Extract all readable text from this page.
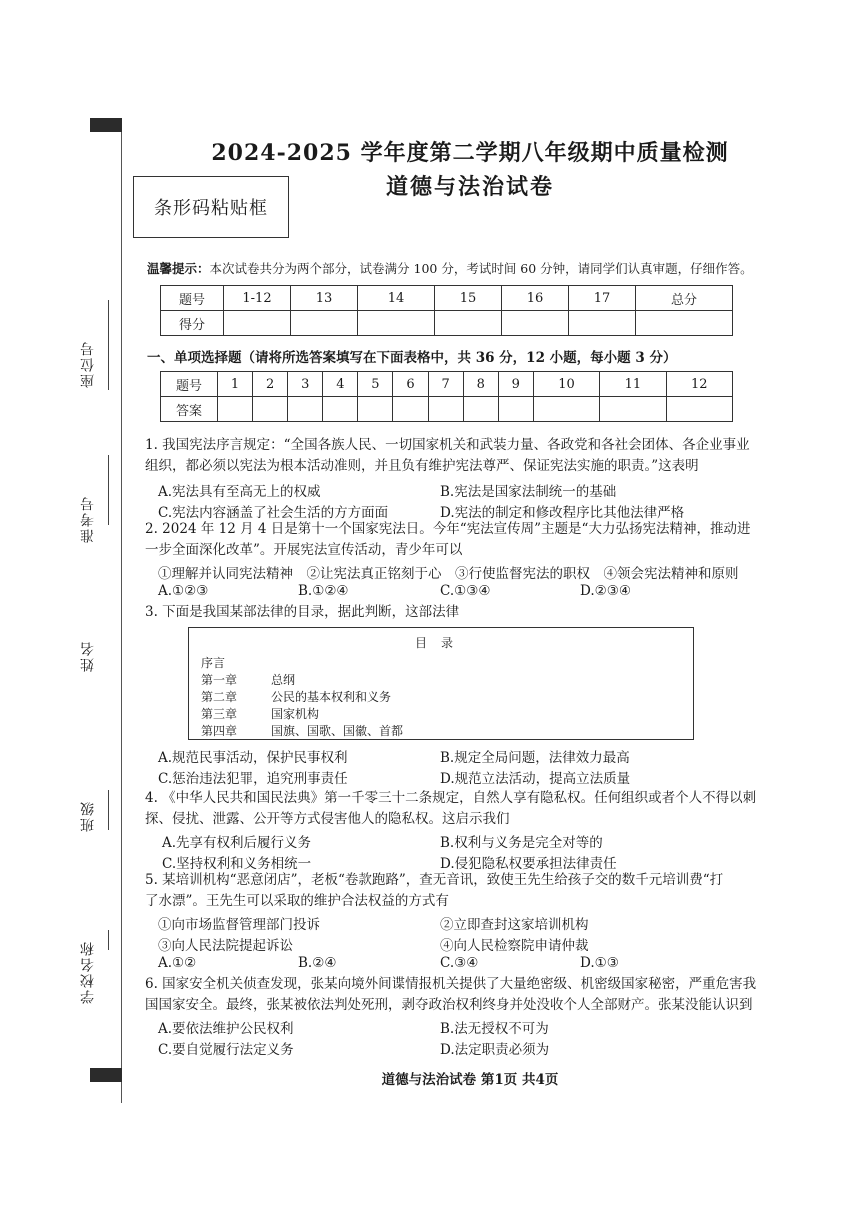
座位号
准考号
姓名
班级
学校名称
2024-2025 学年度第二学期八年级期中质量检测
道德与法治试卷
条形码粘贴框
温馨提示：本次试卷共分为两个部分，试卷满分 100 分，考试时间 60 分钟，请同学们认真审题，仔细作答。
题号	1-12	13	14	15	16	17	总分
得分							
一、单项选择题（请将所选答案填写在下面表格中，共 36 分，12 小题，每小题 3 分）
题号	1	2	3	4	5	6	7	8	9	10	11	12
答案												
1. 我国宪法序言规定：“全国各族人民、一切国家机关和武装力量、各政党和各社会团体、各企业事业
组织，都必须以宪法为根本活动准则，并且负有维护宪法尊严、保证宪法实施的职责。”这表明
A.宪法具有至高无上的权威	B.宪法是国家法制统一的基础
C.宪法内容涵盖了社会生活的方方面面	D.宪法的制定和修改程序比其他法律严格
2. 2024 年 12 月 4 日是第十一个国家宪法日。今年“宪法宣传周”主题是“大力弘扬宪法精神，推动进
一步全面深化改革”。开展宪法宣传活动，青少年可以
①理解并认同宪法精神　②让宪法真正铭刻于心　③行使监督宪法的职权　④领会宪法精神和原则
A.①②③	B.①②④	C.①③④	D.②③④
3. 下面是我国某部法律的目录，据此判断，这部法律
目录
序言
第一章	总纲
第二章	公民的基本权利和义务
第三章	国家机构
第四章	国旗、国歌、国徽、首都
A.规范民事活动，保护民事权利	B.规定全局问题，法律效力最高
C.惩治违法犯罪，追究刑事责任	D.规范立法活动，提高立法质量
4. 《中华人民共和国民法典》第一千零三十二条规定，自然人享有隐私权。任何组织或者个人不得以刺
探、侵扰、泄露、公开等方式侵害他人的隐私权。这启示我们
A.先享有权利后履行义务	B.权利与义务是完全对等的
C.坚持权利和义务相统一	D.侵犯隐私权要承担法律责任
5. 某培训机构“恶意闭店”，老板“卷款跑路”，查无音讯，致使王先生给孩子交的数千元培训费“打
了水漂”。王先生可以采取的维护合法权益的方式有
①向市场监督管理部门投诉	②立即查封这家培训机构
③向人民法院提起诉讼	④向人民检察院申请仲裁
A.①②	B.②④	C.③④	D.①③
6. 国家安全机关侦查发现，张某向境外间谍情报机关提供了大量绝密级、机密级国家秘密，严重危害我
国国家安全。最终，张某被依法判处死刑，剥夺政治权利终身并处没收个人全部财产。张某没能认识到
A.要依法维护公民权利	B.法无授权不可为
C.要自觉履行法定义务	D.法定职责必须为
道德与法治试卷 第1页 共4页
